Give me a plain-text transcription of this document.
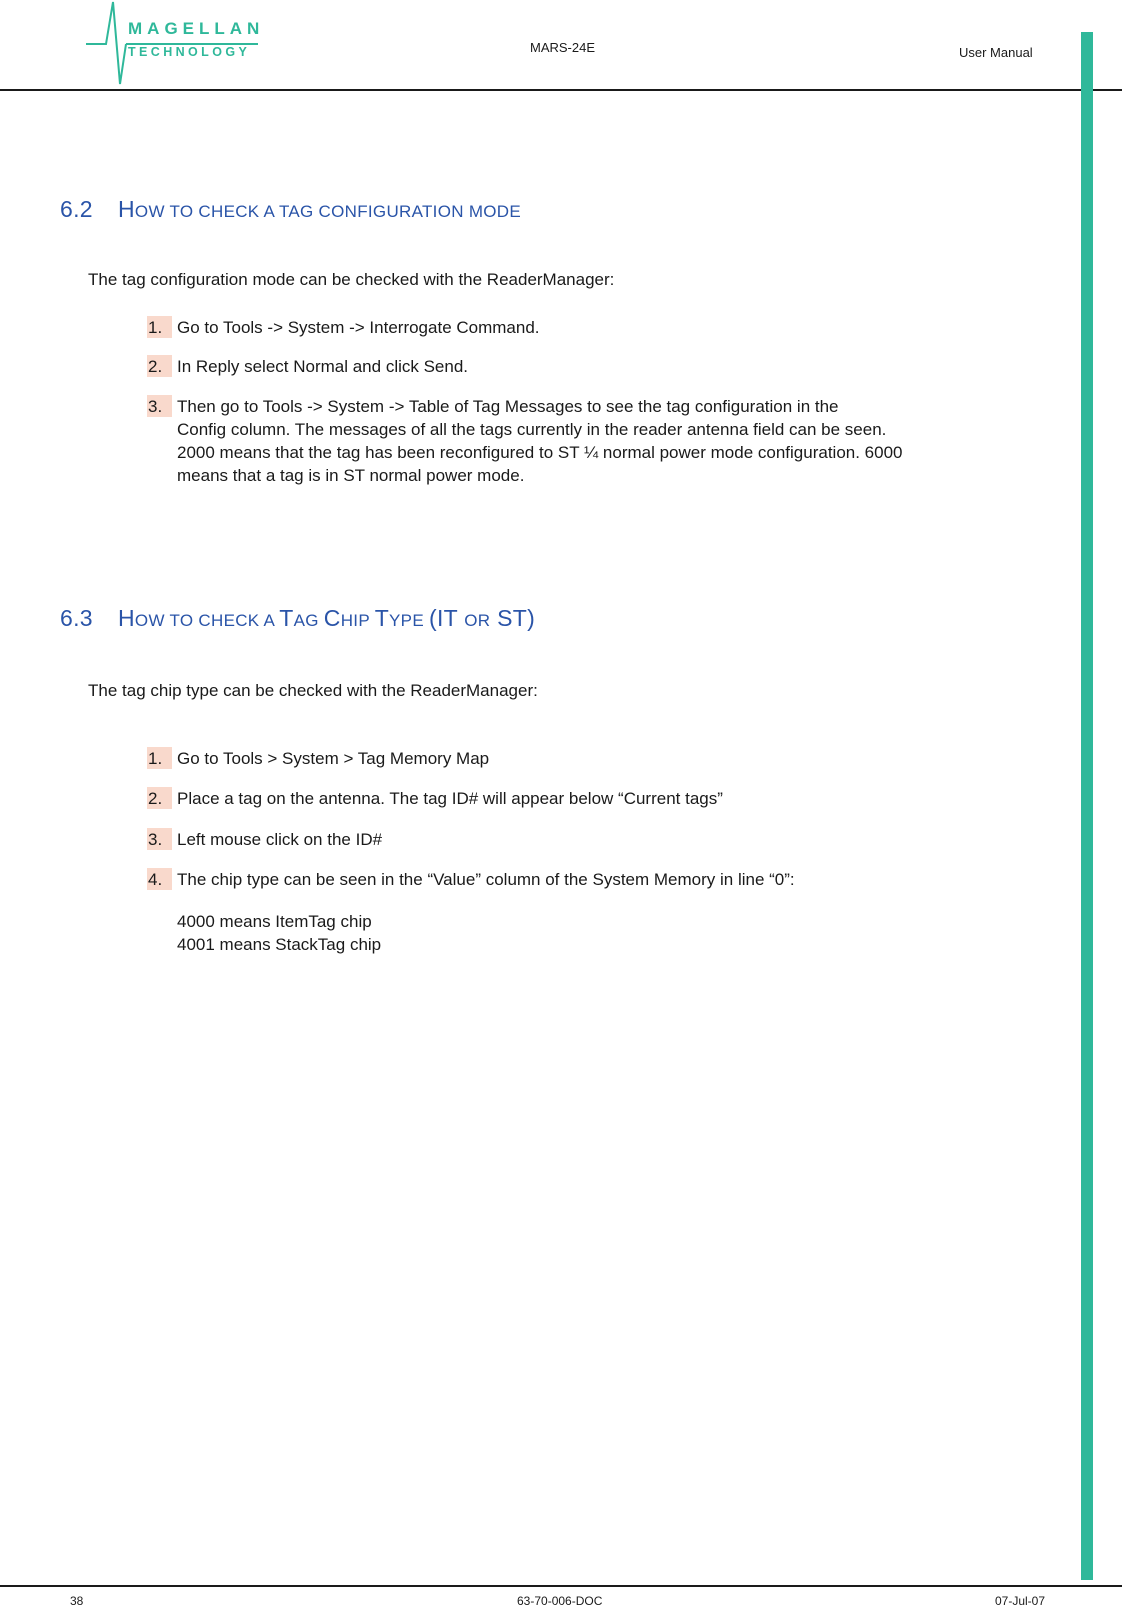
MAGELLAN
TECHNOLOGY	MARS-24E	User Manual
6.2 HOW TO CHECK A TAG CONFIGURATION MODE
The tag configuration mode can be checked with the ReaderManager:
1. Go to Tools -> System -> Interrogate Command.
2. In Reply select Normal and click Send.
3. Then go to Tools -> System -> Table of Tag Messages to see the tag configuration in the
Config column. The messages of all the tags currently in the reader antenna field can be seen.
2000 means that the tag has been reconfigured to ST ¼ normal power mode configuration. 6000
means that a tag is in ST normal power mode.
6.3 HOW TO CHECK A TAG CHIP TYPE (IT OR ST)
The tag chip type can be checked with the ReaderManager:
1. Go to Tools > System > Tag Memory Map
2. Place a tag on the antenna. The tag ID# will appear below “Current tags”
3. Left mouse click on the ID#
4. The chip type can be seen in the “Value” column of the System Memory in line “0”:
4000 means ItemTag chip
4001 means StackTag chip
38	63-70-006-DOC	07-Jul-07
